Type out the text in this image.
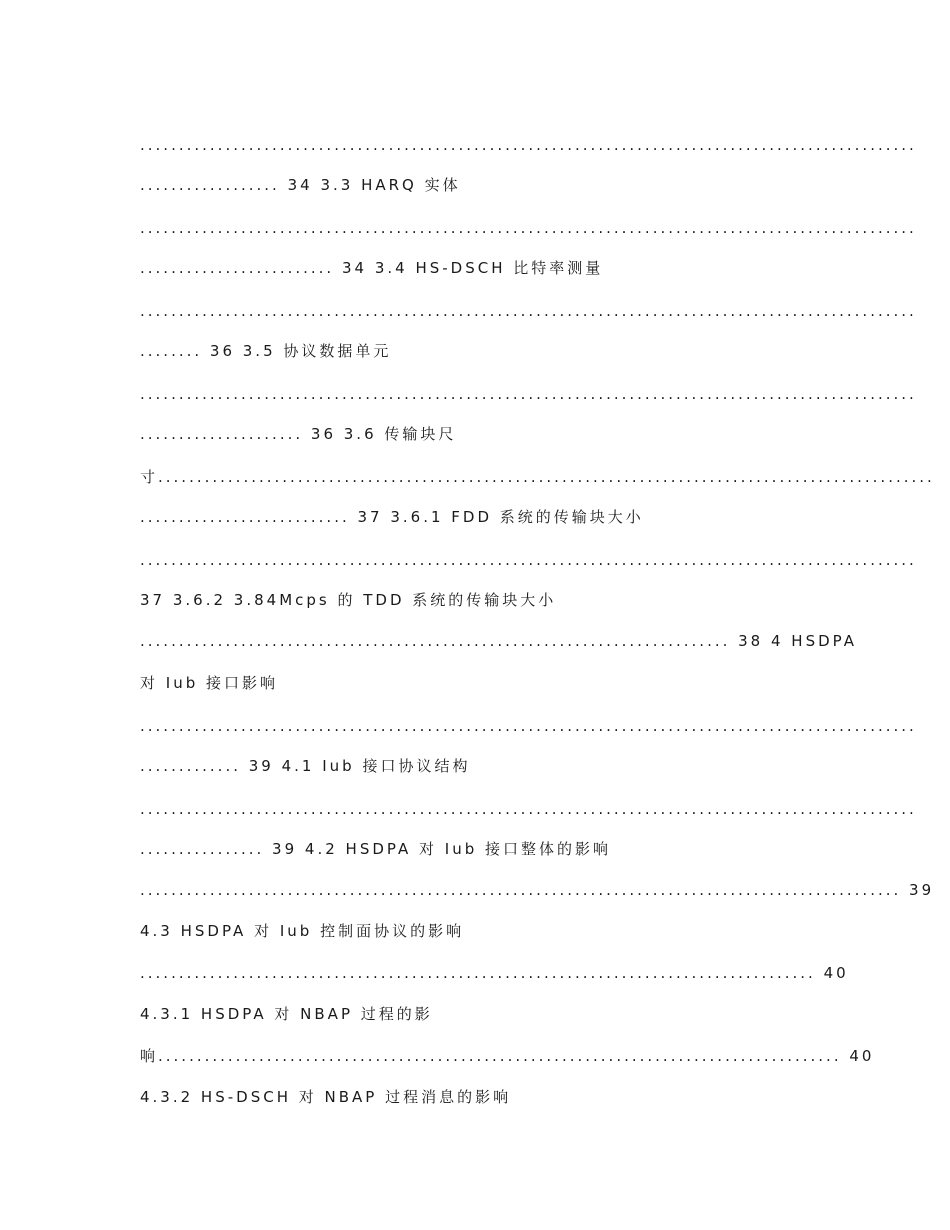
....................................................................................................
.................. 34 3.3 HARQ 实体
....................................................................................................
......................... 34 3.4 HS-DSCH 比特率测量
....................................................................................................
........ 36 3.5 协议数据单元
....................................................................................................
..................... 36 3.6 传输块尺
寸....................................................................................................
........................... 37 3.6.1 FDD 系统的传输块大小
....................................................................................................
37 3.6.2 3.84Mcps 的 TDD 系统的传输块大小
............................................................................ 38 4 HSDPA
对 Iub 接口影响
....................................................................................................
............. 39 4.1 Iub 接口协议结构
....................................................................................................
................ 39 4.2 HSDPA 对 Iub 接口整体的影响
.................................................................................................. 39
4.3 HSDPA 对 Iub 控制面协议的影响
....................................................................................... 40
4.3.1 HSDPA 对 NBAP 过程的影
响........................................................................................ 40
4.3.2 HS-DSCH 对 NBAP 过程消息的影响
